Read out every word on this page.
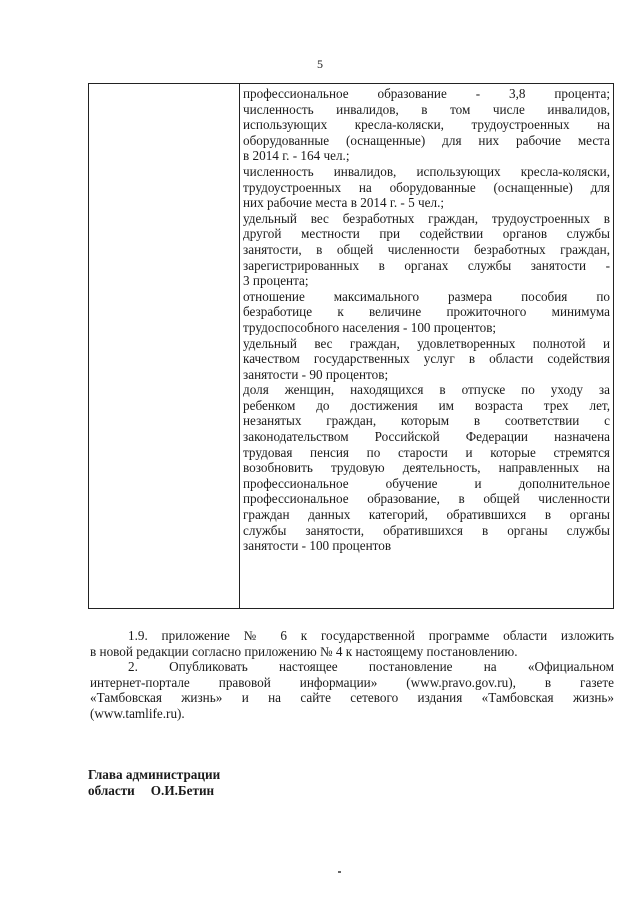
5
профессиональное образование - 3,8 процента;
численность инвалидов, в том числе инвалидов,
использующих кресла-коляски, трудоустроенных на
оборудованные (оснащенные) для них рабочие места
в 2014 г. - 164 чел.;
численность инвалидов, использующих кресла-коляски,
трудоустроенных на оборудованные (оснащенные) для
них рабочие места в 2014 г. - 5 чел.;
удельный вес безработных граждан, трудоустроенных в
другой местности при содействии органов службы
занятости, в общей численности безработных граждан,
зарегистрированных в органах службы занятости -
3 процента;
отношение максимального размера пособия по
безработице к величине прожиточного минимума
трудоспособного населения - 100 процентов;
удельный вес граждан, удовлетворенных полнотой и
качеством государственных услуг в области содействия
занятости - 90 процентов;
доля женщин, находящихся в отпуске по уходу за
ребенком до достижения им возраста трех лет,
незанятых граждан, которым в соответствии с
законодательством Российской Федерации назначена
трудовая пенсия по старости и которые стремятся
возобновить трудовую деятельность, направленных на
профессиональное обучение и дополнительное
профессиональное образование, в общей численности
граждан данных категорий, обратившихся в органы
службы занятости, обратившихся в органы службы
занятости - 100 процентов
1.9. приложение № 6 к государственной программе области изложить
в новой редакции согласно приложению № 4 к настоящему постановлению.
2. Опубликовать настоящее постановление на «Официальном
интернет-портале правовой информации» (www.pravo.gov.ru), в газете
«Тамбовская жизнь» и на сайте сетевого издания «Тамбовская жизнь»
(www.tamlife.ru).
Глава администрации
области О.И.Бетин
